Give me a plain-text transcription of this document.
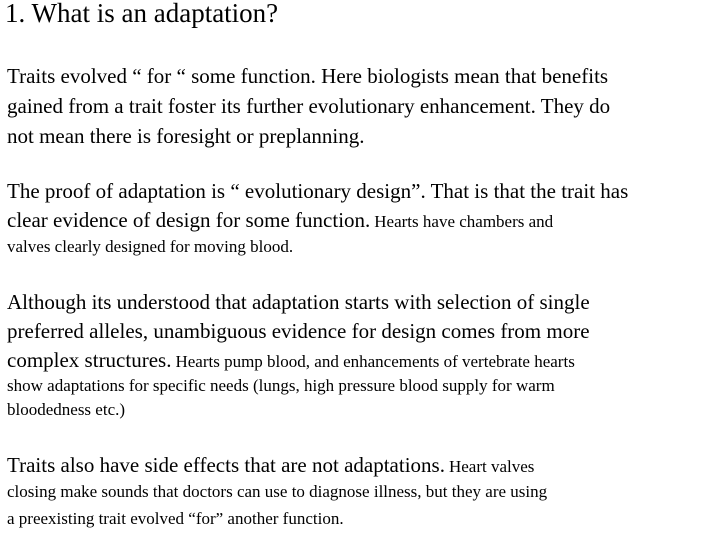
1. What is an adaptation?
Traits evolved “ for “ some function. Here biologists mean that benefits
gained from a trait foster its further evolutionary enhancement. They do
not mean there is foresight or preplanning.
The proof of adaptation is “ evolutionary design”. That is that the trait has
clear evidence of design for some function. Hearts have chambers and
valves clearly designed for moving blood.
Although its understood that adaptation starts with selection of single
preferred alleles, unambiguous evidence for design comes from more
complex structures. Hearts pump blood, and enhancements of vertebrate hearts
show adaptations for specific needs (lungs, high pressure blood supply for warm
bloodedness etc.)
Traits also have side effects that are not adaptations. Heart valves
closing make sounds that doctors can use to diagnose illness, but they are using
a preexisting trait evolved “for” another function.
